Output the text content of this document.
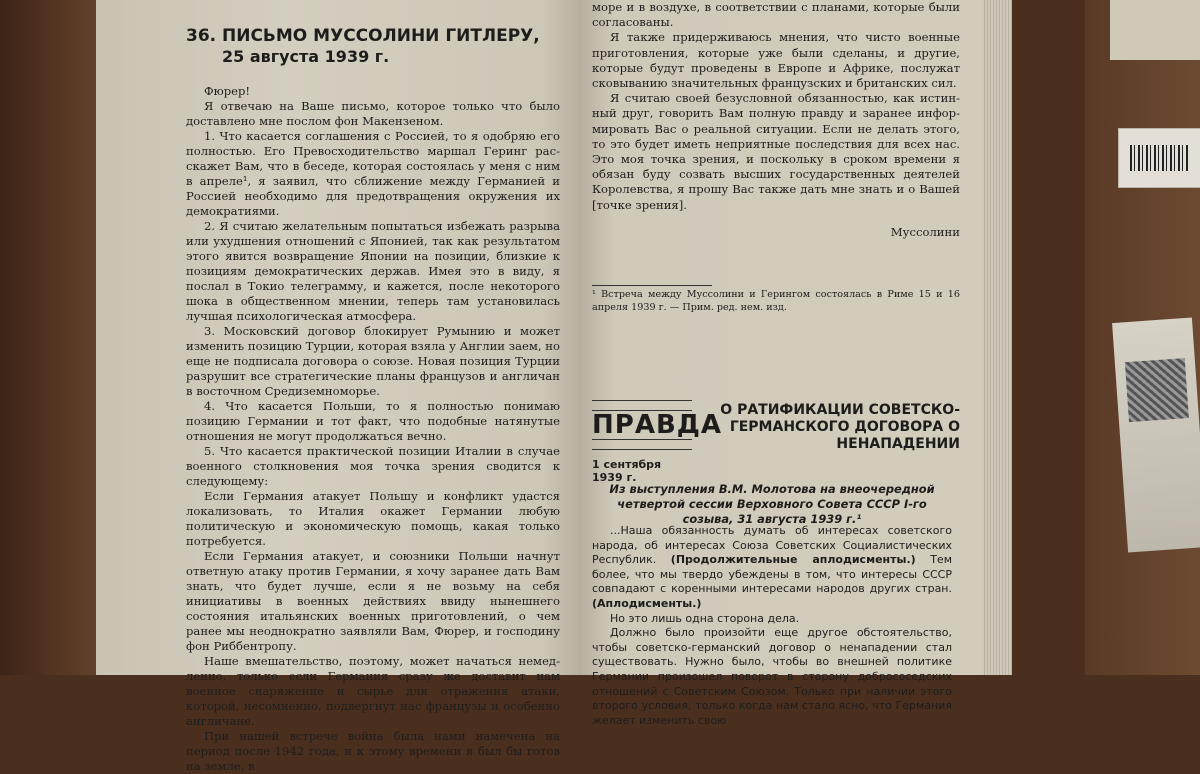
36. ПИСЬМО МУССОЛИНИ ГИТЛЕРУ,
25 августа 1939 г.

Фюрер!

Я отвечаю на Ваше письмо, которое только что было доставлено мне послом фон Макензеном.

1. Что касается соглашения с Россией, то я одобряю его полностью. Его Превосходительство маршал Геринг расскажет Вам, что в беседе, которая состоялась у меня с ним в апреле¹, я заявил, что сближение между Германией и Россией необходимо для предотвращения окружения их демократиями.

2. Я считаю желательным попытаться избежать разрыва или ухудшения отношений с Японией, так как результатом этого явится возвращение Японии на позиции, близкие к позициям демократических держав. Имея это в виду, я послал в Токио телеграмму, и кажется, после некоторого шока в общественном мнении, теперь там установилась лучшая психологическая атмосфера.

3. Московский договор блокирует Румынию и может изменить позицию Турции, которая взяла у Англии заем, но еще не подписала договора о союзе. Новая позиция Турции разрушит все стратегические планы французов и англичан в восточном Средиземноморье.

4. Что касается Польши, то я полностью понимаю позицию Германии и тот факт, что подобные натянутые отношения не могут продолжаться вечно.

5. Что касается практической позиции Италии в случае военного столкновения моя точка зрения сводится к следующему:

Если Германия атакует Польшу и конфликт удастся локализовать, то Италия окажет Германии любую политическую и экономическую помощь, какая только потребуется.

Если Германия атакует, и союзники Польши начнут ответную атаку против Германии, я хочу заранее дать Вам знать, что будет лучше, если я не возьму на себя инициативы в военных действиях ввиду нынешнего состояния итальянских военных приготовлений, о чем ранее мы неоднократно заявляли Вам, Фюрер, и господину фон Риббентропу.

Наше вмешательство, поэтому, может начаться немедленно, только если Германия сразу же доставит нам военное снаряжение и сырье для отражения атаки, которой, несомненно, подвергнут нас французы и особенно англичане.

При нашей встрече война была нами намечена на период после 1942 года, и к этому времени я был бы готов на земле, в

море и в воздухе, в соответствии с планами, которые были согласованы.

Я также придерживаюсь мнения, что чисто военные приготовления, которые уже были сделаны, и другие, которые будут проведены в Европе и Африке, послужат сковыванию значительных французских и британских сил.

Я считаю своей безусловной обязанностью, как истинный друг, говорить Вам полную правду и заранее информировать Вас о реальной ситуации. Если не делать этого, то это будет иметь неприятные последствия для всех нас. Это моя точка зрения, и поскольку в сроком времени я обязан буду созвать высших государственных деятелей Королевства, я прошу Вас также дать мне знать и о Вашей [точке зрения].

Муссолини

¹ Встреча между Муссолини и Герингом состоялась в Риме 15 и 16 апреля 1939 г. — Прим. ред. нем. изд.

ПРАВДА
1 сентября 1939 г.
О РАТИФИКАЦИИ СОВЕТСКО-ГЕРМАНСКОГО ДОГОВОРА О НЕНАПАДЕНИИ
Из выступления В.М. Молотова на внеочередной четвертой сессии Верховного Совета СССР I-го созыва, 31 августа 1939 г.¹

...Наша обязанность думать об интересах советского народа, об интересах Союза Советских Социалистических Республик. (Продолжительные аплодисменты.) Тем более, что мы твердо убеждены в том, что интересы СССР совпадают с коренными интересами народов других стран. (Аплодисменты.)

Но это лишь одна сторона дела.

Должно было произойти еще другое обстоятельство, чтобы советско-германский договор о ненападении стал существовать. Нужно было, чтобы во внешней политике Германии произошел поворот в сторону добрососедских отношений с Советским Союзом. Только при наличии этого второго условия, только когда нам стало ясно, что Германия желает изменить свою
